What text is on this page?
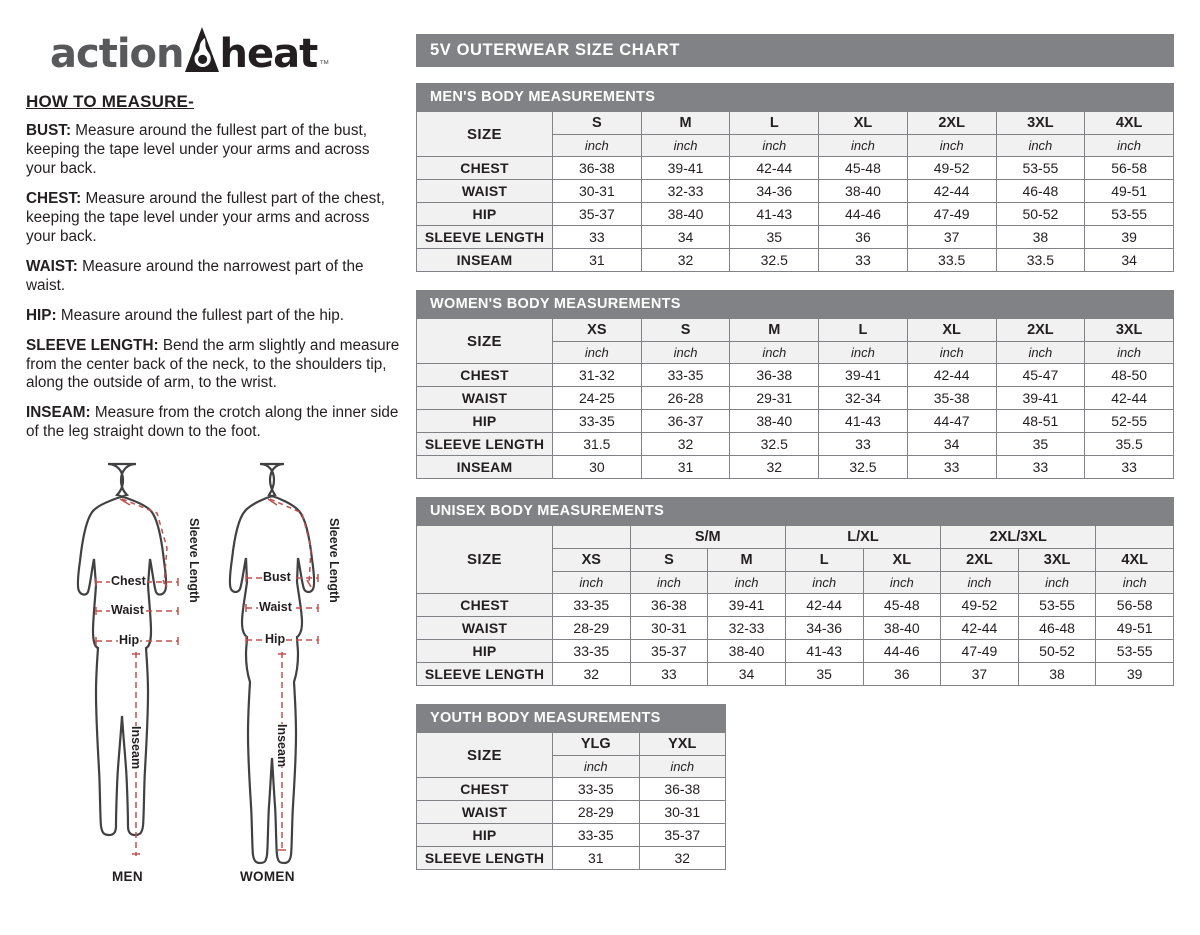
action heat ™
HOW TO MEASURE-
BUST: Measure around the fullest part of the bust, keeping the tape level under your arms and across your back.
CHEST: Measure around the fullest part of the chest, keeping the tape level under your arms and across your back.
WAIST: Measure around the narrowest part of the waist.
HIP: Measure around the fullest part of the hip.
SLEEVE LENGTH: Bend the arm slightly and measure from the center back of the neck, to the shoulders tip, along the outside of arm, to the wrist.
INSEAM: Measure from the crotch along the inner side of the leg straight down to the foot.
Chest
Waist
Hip
Sleeve Length
Inseam
Bust
Waist
Hip
Sleeve Length
Inseam
MEN	WOMEN
5V OUTERWEAR SIZE CHART
MEN'S BODY MEASUREMENTS
SIZE	S	M	L	XL	2XL	3XL	4XL
	inch	inch	inch	inch	inch	inch	inch
CHEST	36-38	39-41	42-44	45-48	49-52	53-55	56-58
WAIST	30-31	32-33	34-36	38-40	42-44	46-48	49-51
HIP	35-37	38-40	41-43	44-46	47-49	50-52	53-55
SLEEVE LENGTH	33	34	35	36	37	38	39
INSEAM	31	32	32.5	33	33.5	33.5	34
WOMEN'S BODY MEASUREMENTS
SIZE	XS	S	M	L	XL	2XL	3XL
	inch	inch	inch	inch	inch	inch	inch
CHEST	31-32	33-35	36-38	39-41	42-44	45-47	48-50
WAIST	24-25	26-28	29-31	32-34	35-38	39-41	42-44
HIP	33-35	36-37	38-40	41-43	44-47	48-51	52-55
SLEEVE LENGTH	31.5	32	32.5	33	34	35	35.5
INSEAM	30	31	32	32.5	33	33	33
UNISEX BODY MEASUREMENTS
SIZE		S/M		L/XL		2XL/3XL		
	XS	S	M	L	XL	2XL	3XL	4XL
	inch	inch	inch	inch	inch	inch	inch	inch
CHEST	33-35	36-38	39-41	42-44	45-48	49-52	53-55	56-58
WAIST	28-29	30-31	32-33	34-36	38-40	42-44	46-48	49-51
HIP	33-35	35-37	38-40	41-43	44-46	47-49	50-52	53-55
SLEEVE LENGTH	32	33	34	35	36	37	38	39
YOUTH BODY MEASUREMENTS
SIZE	YLG	YXL
	inch	inch
CHEST	33-35	36-38
WAIST	28-29	30-31
HIP	33-35	35-37
SLEEVE LENGTH	31	32
